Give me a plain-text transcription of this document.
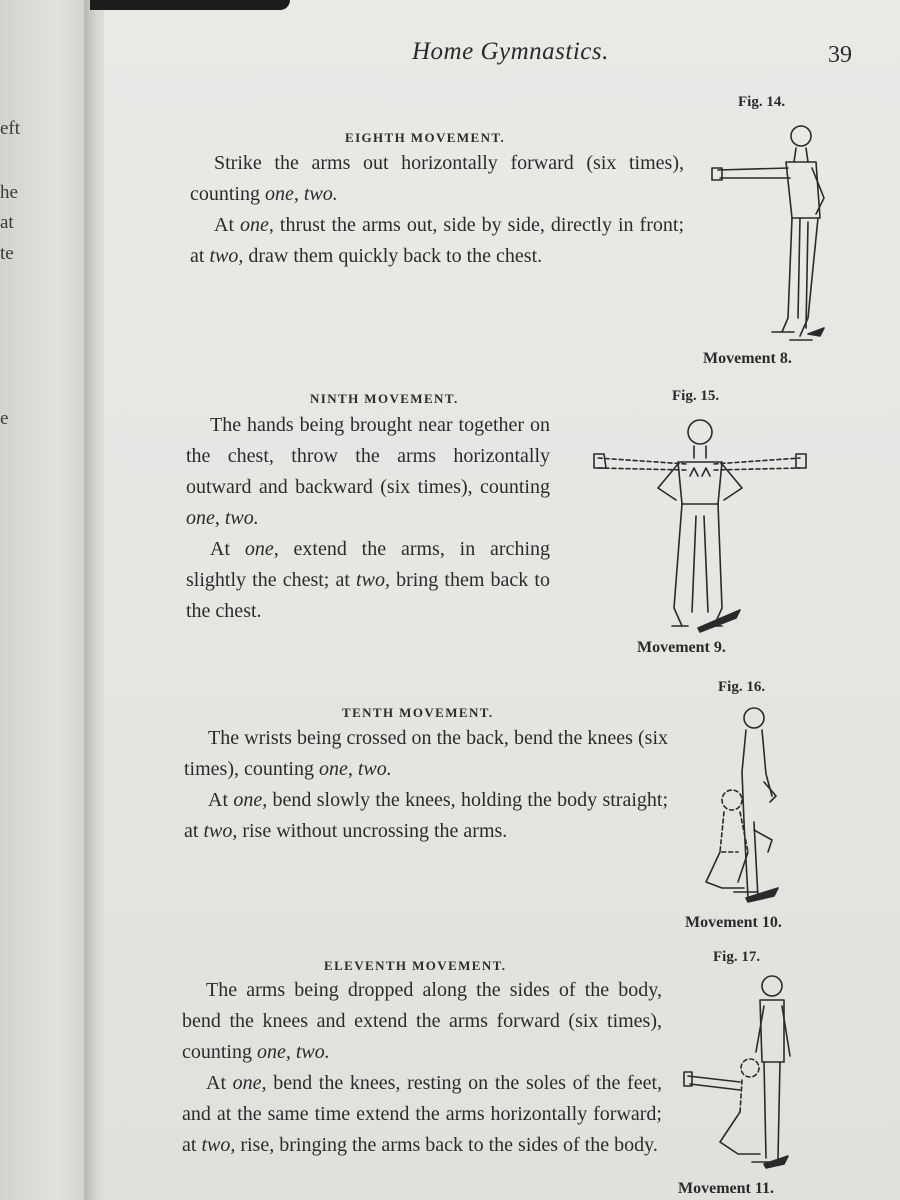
eft
he
at
te
e
Home Gymnastics.	39
EIGHTH MOVEMENT.

Strike the arms out horizontally forward (six times), counting one, two.

At one, thrust the arms out, side by side, directly in front; at two, draw them quickly back to the chest.

Fig. 14.
Movement 8.
NINTH MOVEMENT.

The hands being brought near together on the chest, throw the arms horizontally outward and backward (six times), counting one, two.

At one, extend the arms, in arching slightly the chest; at two, bring them back to the chest.

Fig. 15.
Movement 9.
TENTH MOVEMENT.

The wrists being crossed on the back, bend the knees (six times), counting one, two.

At one, bend slowly the knees, holding the body straight; at two, rise without uncrossing the arms.

Fig. 16.
Movement 10.
ELEVENTH MOVEMENT.

The arms being dropped along the sides of the body, bend the knees and extend the arms forward (six times), counting one, two.

At one, bend the knees, resting on the soles of the feet, and at the same time extend the arms horizontally forward; at two, rise, bringing the arms back to the sides of the body.

Fig. 17.
Movement 11.
